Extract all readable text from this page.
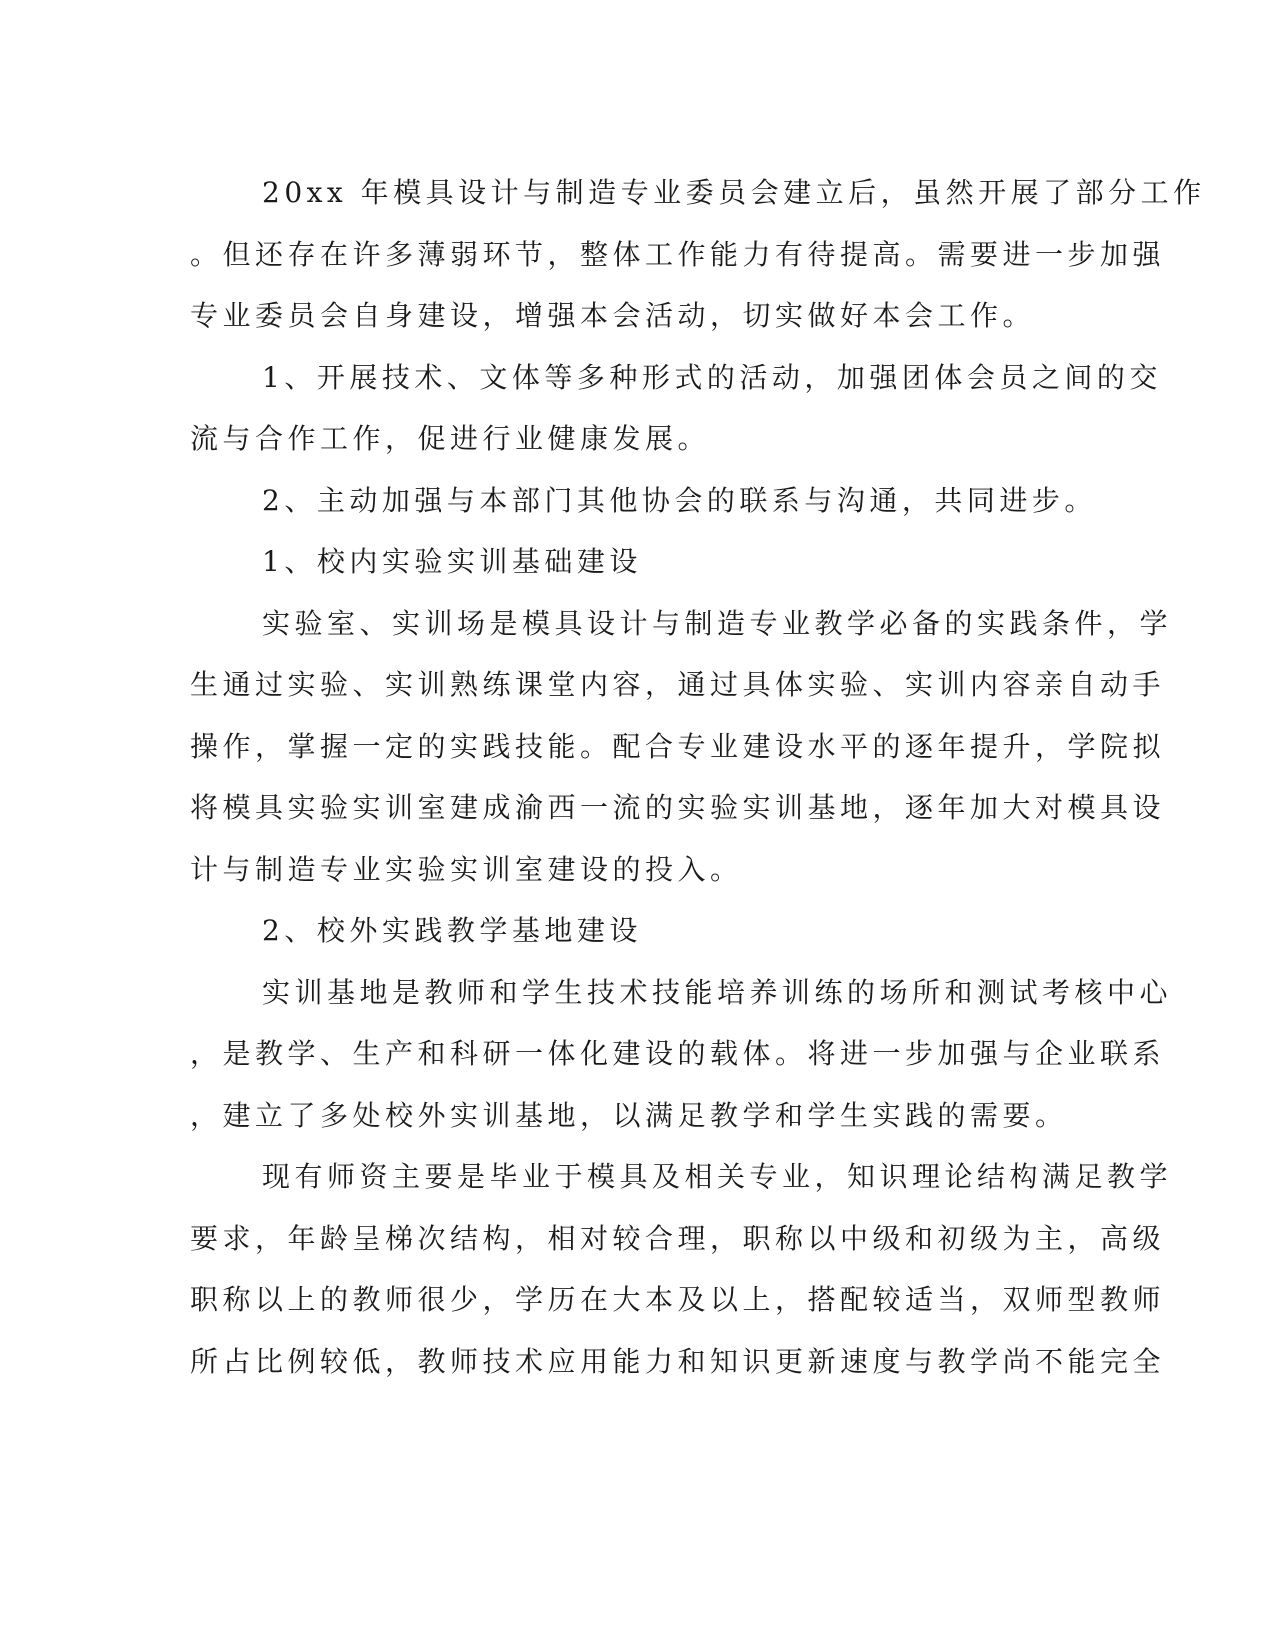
20xx 年模具设计与制造专业委员会建立后，虽然开展了部分工作
。但还存在许多薄弱环节，整体工作能力有待提高。需要进一步加强
专业委员会自身建设，增强本会活动，切实做好本会工作。
1、开展技术、文体等多种形式的活动，加强团体会员之间的交
流与合作工作，促进行业健康发展。
2、主动加强与本部门其他协会的联系与沟通，共同进步。
1、校内实验实训基础建设
实验室、实训场是模具设计与制造专业教学必备的实践条件，学
生通过实验、实训熟练课堂内容，通过具体实验、实训内容亲自动手
操作，掌握一定的实践技能。配合专业建设水平的逐年提升，学院拟
将模具实验实训室建成渝西一流的实验实训基地，逐年加大对模具设
计与制造专业实验实训室建设的投入。
2、校外实践教学基地建设
实训基地是教师和学生技术技能培养训练的场所和测试考核中心
，是教学、生产和科研一体化建设的载体。将进一步加强与企业联系
，建立了多处校外实训基地，以满足教学和学生实践的需要。
现有师资主要是毕业于模具及相关专业，知识理论结构满足教学
要求，年龄呈梯次结构，相对较合理，职称以中级和初级为主，高级
职称以上的教师很少，学历在大本及以上，搭配较适当，双师型教师
所占比例较低，教师技术应用能力和知识更新速度与教学尚不能完全
